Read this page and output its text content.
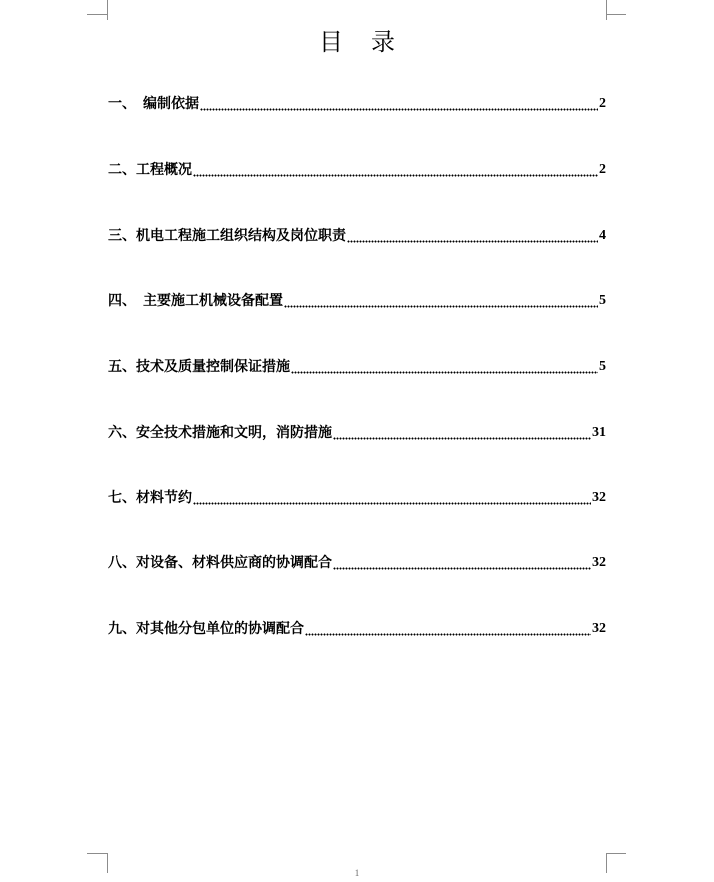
目 录
一、　编制依据	2
二、工程概况	2
三、机电工程施工组织结构及岗位职责	4
四、　主要施工机械设备配置	5
五、技术及质量控制保证措施	5
六、安全技术措施和文明，消防措施	31
七、材料节约	32
八、对设备、材料供应商的协调配合	32
九、对其他分包单位的协调配合	32
1
